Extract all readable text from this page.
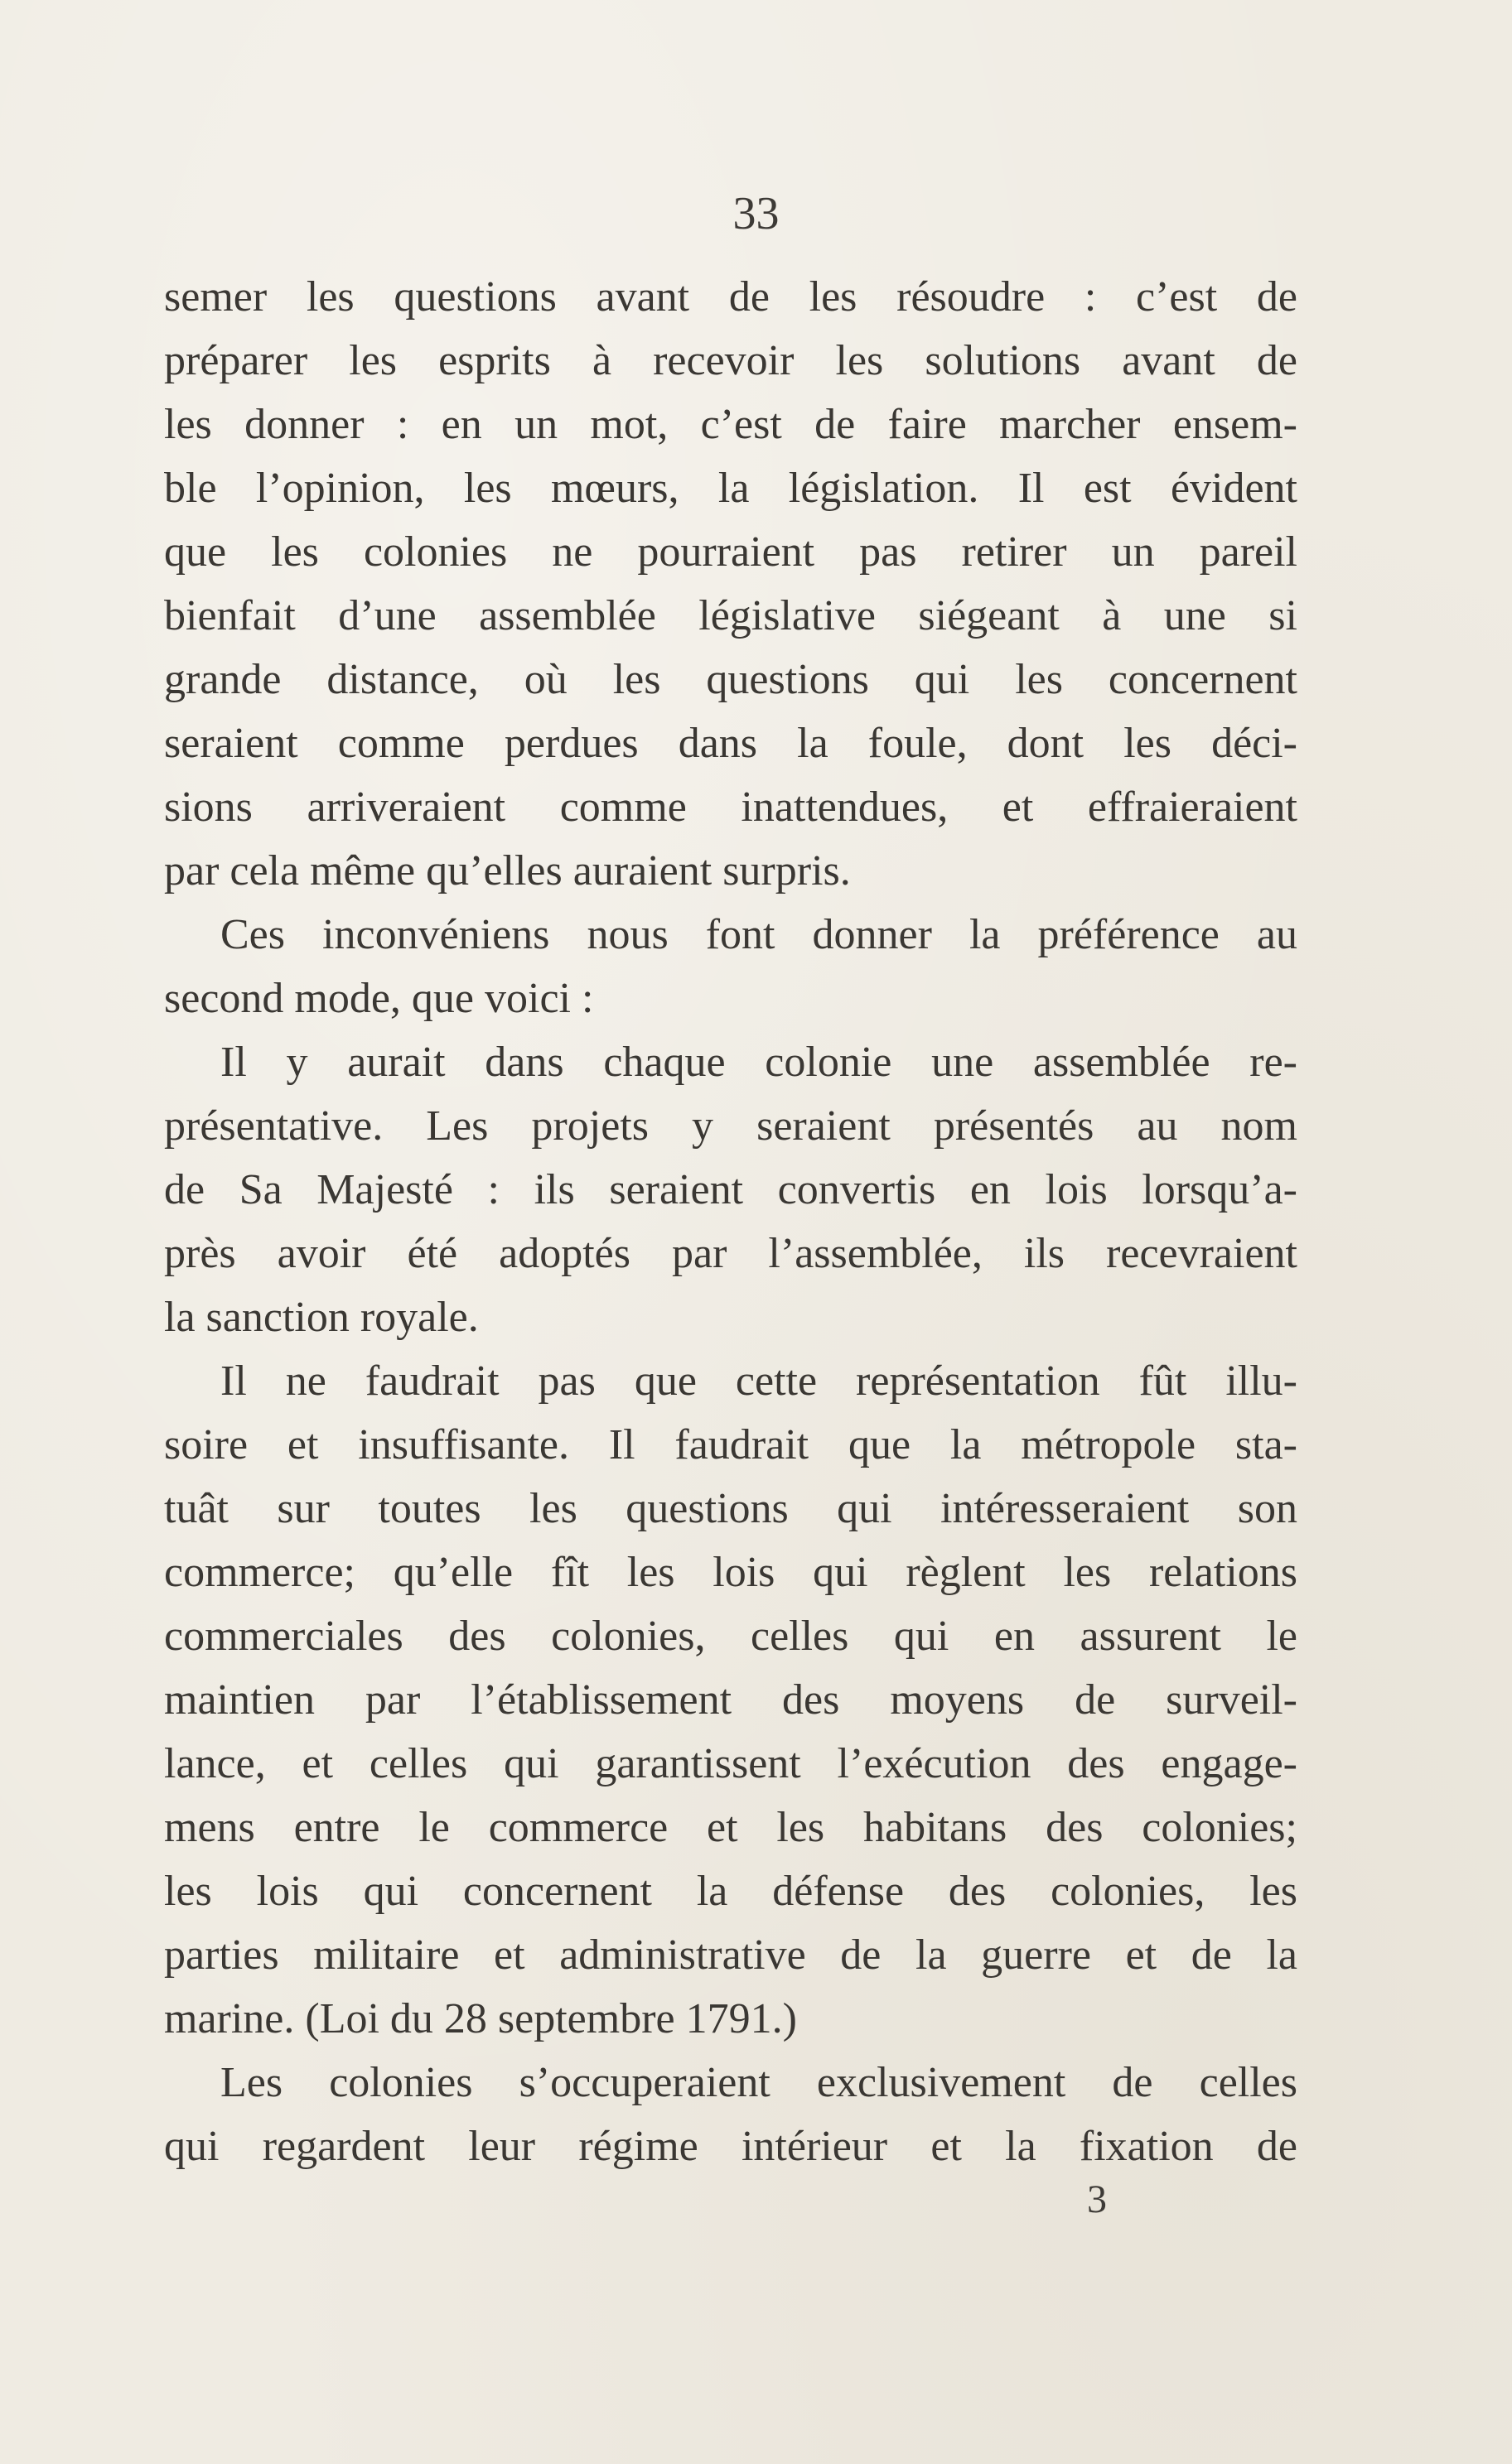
33

semer les questions avant de les résoudre : c’est de
préparer les esprits à recevoir les solutions avant de
les donner : en un mot, c’est de faire marcher ensem-
ble l’opinion, les mœurs, la législation. Il est évident
que les colonies ne pourraient pas retirer un pareil
bienfait d’une assemblée législative siégeant à une si
grande distance, où les questions qui les concernent
seraient comme perdues dans la foule, dont les déci-
sions arriveraient comme inattendues, et effraieraient
par cela même qu’elles auraient surpris.
Ces inconvéniens nous font donner la préférence au
second mode, que voici :
Il y aurait dans chaque colonie une assemblée re-
présentative. Les projets y seraient présentés au nom
de Sa Majesté : ils seraient convertis en lois lorsqu’a-
près avoir été adoptés par l’assemblée, ils recevraient
la sanction royale.
Il ne faudrait pas que cette représentation fût illu-
soire et insuffisante. Il faudrait que la métropole sta-
tuât sur toutes les questions qui intéresseraient son
commerce; qu’elle fît les lois qui règlent les relations
commerciales des colonies, celles qui en assurent le
maintien par l’établissement des moyens de surveil-
lance, et celles qui garantissent l’exécution des engage-
mens entre le commerce et les habitans des colonies;
les lois qui concernent la défense des colonies, les
parties militaire et administrative de la guerre et de la
marine. (Loi du 28 septembre 1791.)
Les colonies s’occuperaient exclusivement de celles
qui regardent leur régime intérieur et la fixation de

3
